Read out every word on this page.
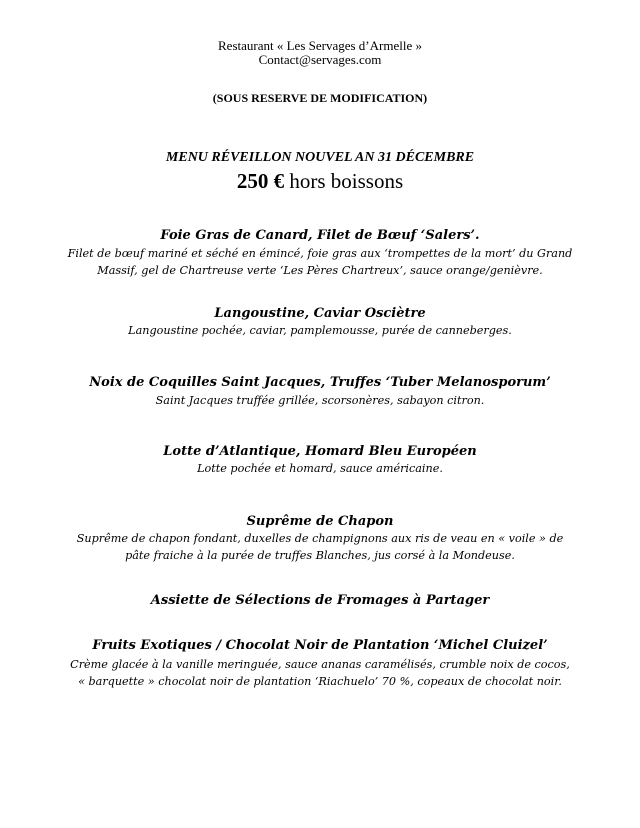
Restaurant « Les Servages d’Armelle »
Contact@servages.com
(SOUS RESERVE DE MODIFICATION)
MENU RÉVEILLON NOUVEL AN 31 DÉCEMBRE
250 € hors boissons
Foie Gras de Canard, Filet de Bœuf ‘Salers’.
Filet de bœuf mariné et séché en émincé, foie gras aux ‘trompettes de la mort’ du Grand
Massif, gel de Chartreuse verte ‘Les Pères Chartreux’, sauce orange/genièvre.
Langoustine, Caviar Osciètre
Langoustine pochée, caviar, pamplemousse, purée de canneberges.
Noix de Coquilles Saint Jacques, Truffes ‘Tuber Melanosporum’
Saint Jacques truffée grillée, scorsonères, sabayon citron.
Lotte d’Atlantique, Homard Bleu Européen
Lotte pochée et homard, sauce américaine.
Suprême de Chapon
Suprême de chapon fondant, duxelles de champignons aux ris de veau en « voile » de
pâte fraiche à la purée de truffes Blanches, jus corsé à la Mondeuse.
Assiette de Sélections de Fromages à Partager
Fruits Exotiques / Chocolat Noir de Plantation ‘Michel Cluizel’
Crème glacée à la vanille meringuée, sauce ananas caramélisés, crumble noix de cocos,
« barquette » chocolat noir de plantation ‘Riachuelo’ 70 %, copeaux de chocolat noir.
